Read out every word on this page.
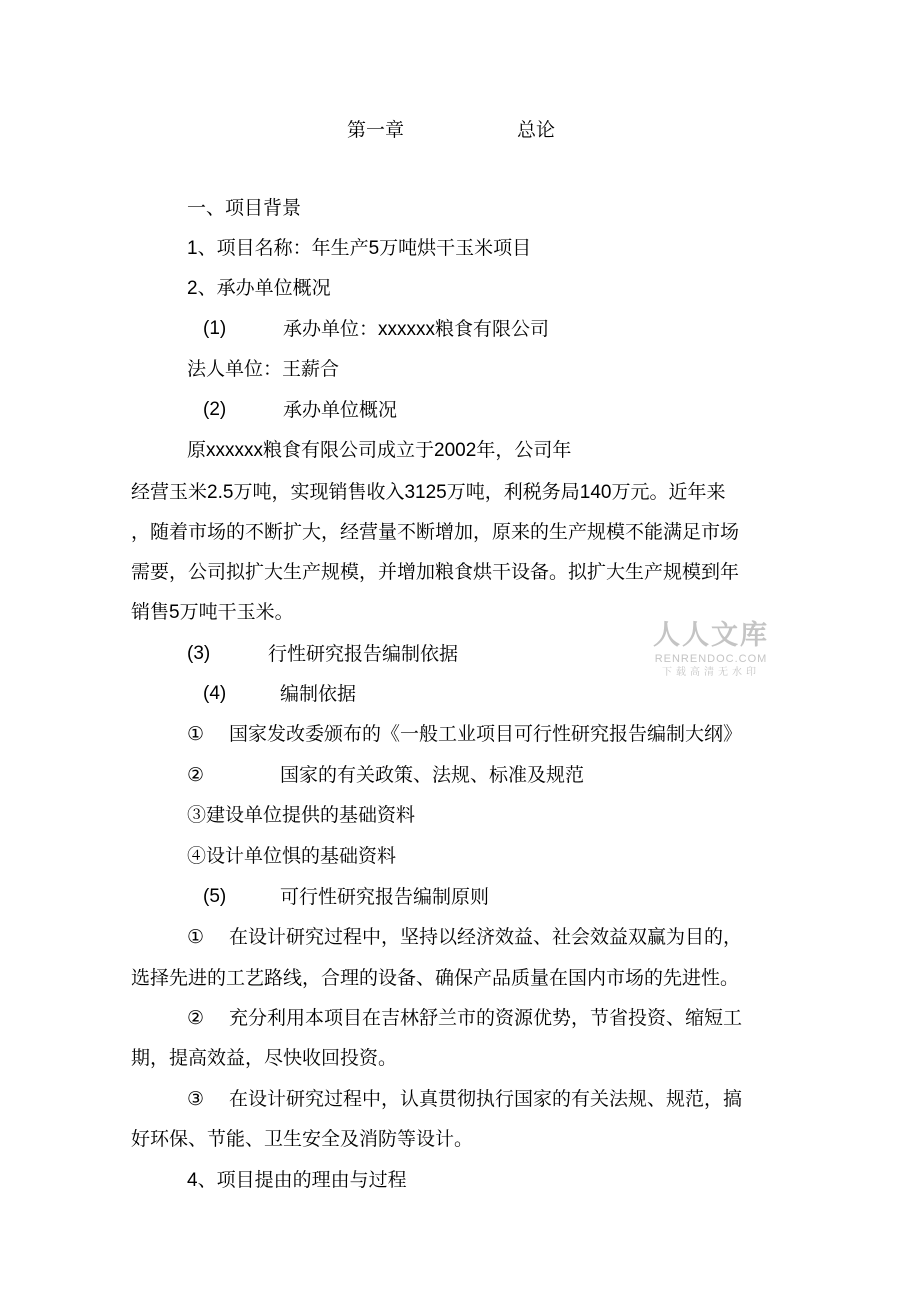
第一章	总论
一、项目背景
1、项目名称：年生产5万吨烘干玉米项目
2、承办单位概况
(1)	承办单位：xxxxxx粮食有限公司
法人单位：王薪合
(2)	承办单位概况
原xxxxxx粮食有限公司成立于2002年，公司年
经营玉米2.5万吨，实现销售收入3125万吨，利税务局140万元。近年来
，随着市场的不断扩大，经营量不断增加，原来的生产规模不能满足市场
需要，公司拟扩大生产规模，并增加粮食烘干设备。拟扩大生产规模到年
销售5万吨干玉米。
(3)	行性研究报告编制依据
(4)	编制依据
① 国家发改委颁布的《一般工业项目可行性研究报告编制大纲》
②	国家的有关政策、法规、标准及规范
③建设单位提供的基础资料
④设计单位惧的基础资料
(5)	可行性研究报告编制原则
① 在设计研究过程中，坚持以经济效益、社会效益双赢为目的，
选择先进的工艺路线，合理的设备、确保产品质量在国内市场的先进性。
② 充分利用本项目在吉林舒兰市的资源优势，节省投资、缩短工
期，提高效益，尽快收回投资。
③ 在设计研究过程中，认真贯彻执行国家的有关法规、规范，搞
好环保、节能、卫生安全及消防等设计。
4、项目提由的理由与过程
人人文库
RENRENDOC.COM
下载高清无水印
